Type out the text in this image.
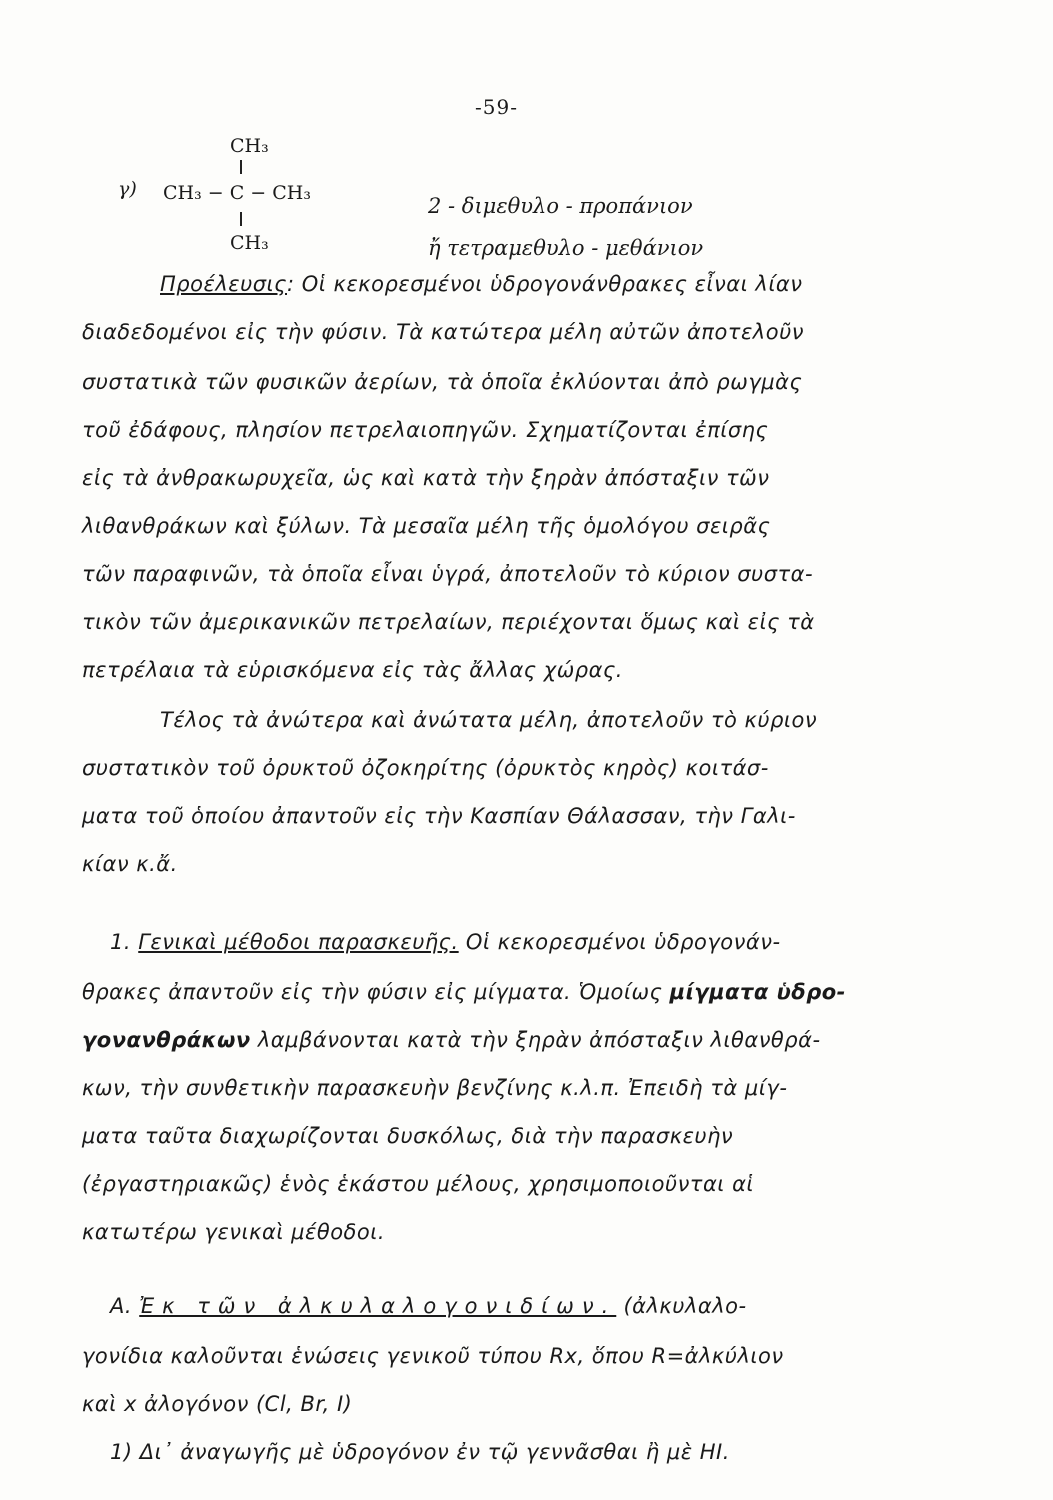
-59-
γ)
CH₃
CH₃ − C − CH₃
CH₃
2 - διμεθυλο - προπάνιον
ἤ τετραμεθυλο - μεθάνιον
Προέλευσις: Οἱ κεκορεσμένοι ὑδρογονάνθρακες εἶναι λίαν
διαδεδομένοι εἰς τὴν φύσιν. Τὰ κατώτερα μέλη αὐτῶν ἀποτελοῦν
συστατικὰ τῶν φυσικῶν ἀερίων, τὰ ὁποῖα ἐκλύονται ἀπὸ ρωγμὰς
τοῦ ἐδάφους, πλησίον πετρελαιοπηγῶν. Σχηματίζονται ἐπίσης
εἰς τὰ ἀνθρακωρυχεῖα, ὡς καὶ κατὰ τὴν ξηρὰν ἀπόσταξιν τῶν
λιθανθράκων καὶ ξύλων. Τὰ μεσαῖα μέλη τῆς ὁμολόγου σειρᾶς
τῶν παραφινῶν, τὰ ὁποῖα εἶναι ὑγρά, ἀποτελοῦν τὸ κύριον συστα-
τικὸν τῶν ἀμερικανικῶν πετρελαίων, περιέχονται ὅμως καὶ εἰς τὰ
πετρέλαια τὰ εὑρισκόμενα εἰς τὰς ἄλλας χώρας.
Τέλος τὰ ἀνώτερα καὶ ἀνώτατα μέλη, ἀποτελοῦν τὸ κύριον
συστατικὸν τοῦ ὀρυκτοῦ ὀζοκηρίτης (ὀρυκτὸς κηρὸς) κοιτάσ-
ματα τοῦ ὁποίου ἀπαντοῦν εἰς τὴν Κασπίαν Θάλασσαν, τὴν Γαλι-
κίαν κ.ἄ.
1. Γενικαὶ μέθοδοι παρασκευῆς. Οἱ κεκορεσμένοι ὑδρογονάν-
θρακες ἀπαντοῦν εἰς τὴν φύσιν εἰς μίγματα. Ὁμοίως μίγματα ὑδρο-
γονανθράκων λαμβάνονται κατὰ τὴν ξηρὰν ἀπόσταξιν λιθανθρά-
κων, τὴν συνθετικὴν παρασκευὴν βενζίνης κ.λ.π. Ἐπειδὴ τὰ μίγ-
ματα ταῦτα διαχωρίζονται δυσκόλως, διὰ τὴν παρασκευὴν
(ἐργαστηριακῶς) ἑνὸς ἑκάστου μέλους, χρησιμοποιοῦνται αἱ
κατωτέρω γενικαὶ μέθοδοι.
Α. Ἐκ τῶν ἀλκυλαλογονιδίων. (ἀλκυλαλο-
γονίδια καλοῦνται ἑνώσεις γενικοῦ τύπου Rx, ὅπου R=ἀλκύλιον
καὶ x ἀλογόνον (Cl, Br, I)
1) Δι᾽ ἀναγωγῆς μὲ ὑδρογόνον ἐν τῷ γεννᾶσθαι ἢ μὲ HI.
